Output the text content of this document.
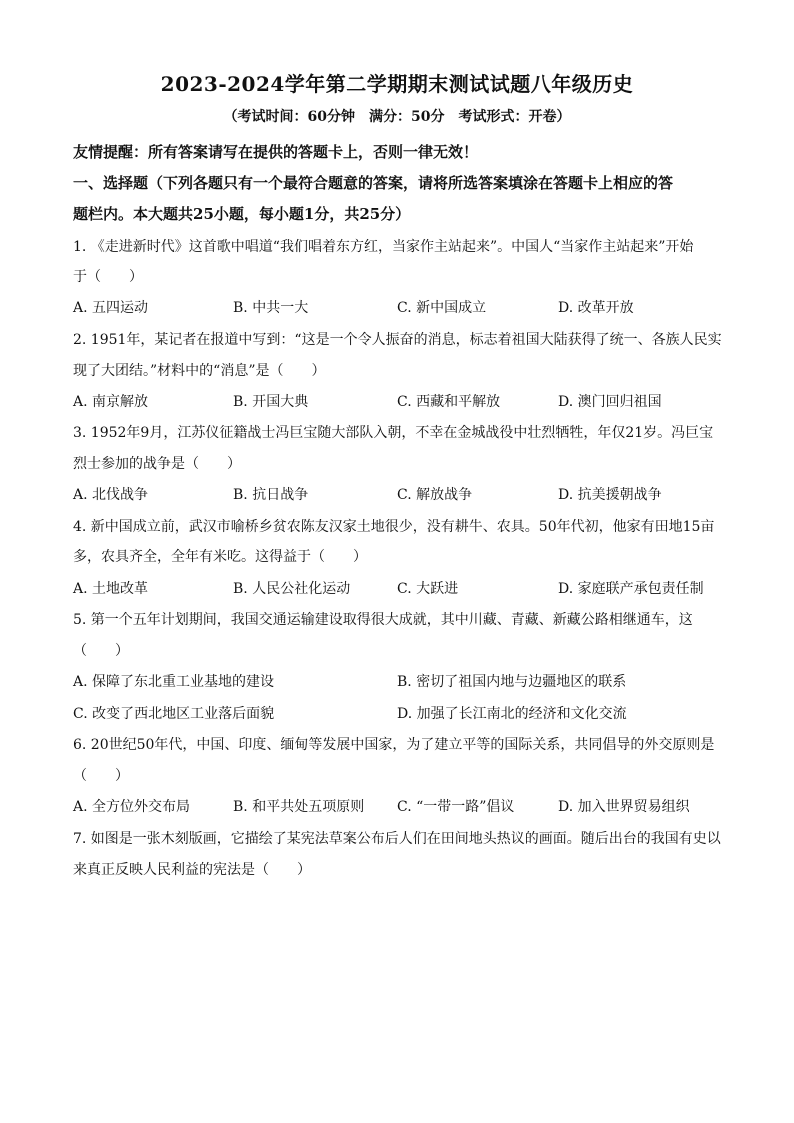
2023-2024学年第二学期期末测试试题八年级历史
（考试时间：60分钟　满分：50分　考试形式：开卷）
友情提醒：所有答案请写在提供的答题卡上，否则一律无效！
一、选择题（下列各题只有一个最符合题意的答案，请将所选答案填涂在答题卡上相应的答
题栏内。本大题共25小题，每小题1分，共25分）
1. 《走进新时代》这首歌中唱道“我们唱着东方红，当家作主站起来”。中国人“当家作主站起来”开始
于（　　）
A. 五四运动	B. 中共一大	C. 新中国成立	D. 改革开放
2. 1951年，某记者在报道中写到：“这是一个令人振奋的消息，标志着祖国大陆获得了统一、各族人民实
现了大团结。”材料中的“消息”是（　　）
A. 南京解放	B. 开国大典	C. 西藏和平解放	D. 澳门回归祖国
3. 1952年9月，江苏仪征籍战士冯巨宝随大部队入朝，不幸在金城战役中壮烈牺牲，年仅21岁。冯巨宝
烈士参加的战争是（　　）
A. 北伐战争	B. 抗日战争	C. 解放战争	D. 抗美援朝战争
4. 新中国成立前，武汉市喻桥乡贫农陈友汉家土地很少，没有耕牛、农具。50年代初，他家有田地15亩
多，农具齐全，全年有米吃。这得益于（　　）
A. 土地改革	B. 人民公社化运动	C. 大跃进	D. 家庭联产承包责任制
5. 第一个五年计划期间，我国交通运输建设取得很大成就，其中川藏、青藏、新藏公路相继通车，这
（　　）
A. 保障了东北重工业基地的建设	B. 密切了祖国内地与边疆地区的联系
C. 改变了西北地区工业落后面貌	D. 加强了长江南北的经济和文化交流
6. 20世纪50年代，中国、印度、缅甸等发展中国家，为了建立平等的国际关系，共同倡导的外交原则是
（　　）
A. 全方位外交布局	B. 和平共处五项原则 C. “一带一路”倡议	D. 加入世界贸易组织
7. 如图是一张木刻版画，它描绘了某宪法草案公布后人们在田间地头热议的画面。随后出台的我国有史以
来真正反映人民利益的宪法是（　　）
